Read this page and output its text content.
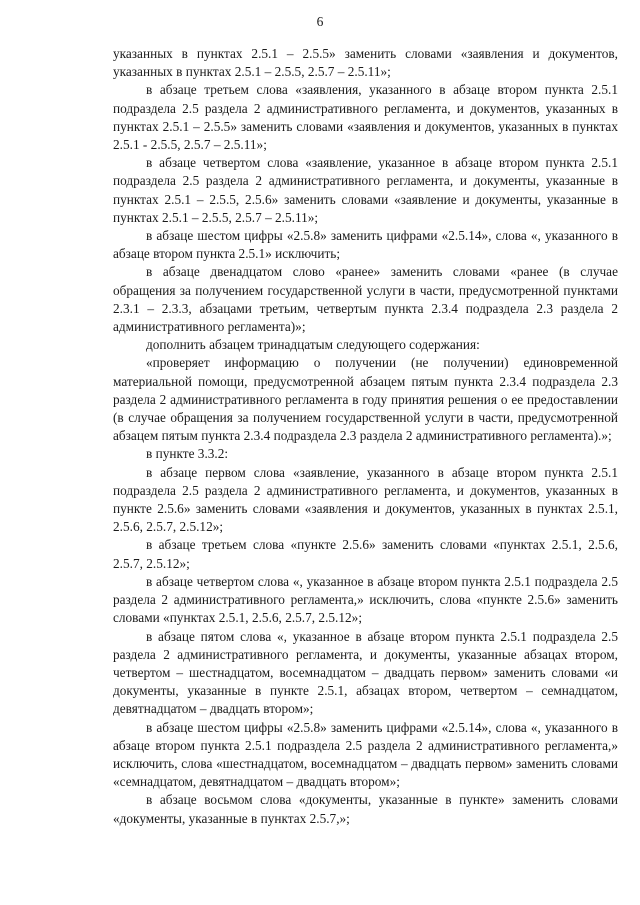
6

указанных в пунктах 2.5.1 – 2.5.5» заменить словами «заявления и документов, указанных в пунктах 2.5.1 – 2.5.5, 2.5.7 – 2.5.11»;

в абзаце третьем слова «заявления, указанного в абзаце втором пункта 2.5.1 подраздела 2.5 раздела 2 административного регламента, и документов, указанных в пунктах 2.5.1 – 2.5.5» заменить словами «заявления и документов, указанных в пунктах 2.5.1 - 2.5.5, 2.5.7 – 2.5.11»;

в абзаце четвертом слова «заявление, указанное в абзаце втором пункта 2.5.1 подраздела 2.5 раздела 2 административного регламента, и документы, указанные в пунктах 2.5.1 – 2.5.5, 2.5.6» заменить словами «заявление и документы, указанные в пунктах 2.5.1 – 2.5.5, 2.5.7 – 2.5.11»;

в абзаце шестом цифры «2.5.8» заменить цифрами «2.5.14», слова «, указанного в абзаце втором пункта 2.5.1» исключить;

в абзаце двенадцатом слово «ранее» заменить словами «ранее (в случае обращения за получением государственной услуги в части, предусмотренной пунктами 2.3.1 – 2.3.3, абзацами третьим, четвертым пункта 2.3.4 подраздела 2.3 раздела 2 административного регламента)»;

дополнить абзацем тринадцатым следующего содержания:

«проверяет информацию о получении (не получении) единовременной материальной помощи, предусмотренной абзацем пятым пункта 2.3.4 подраздела 2.3 раздела 2 административного регламента в году принятия решения о ее предоставлении (в случае обращения за получением государственной услуги в части, предусмотренной абзацем пятым пункта 2.3.4 подраздела 2.3 раздела 2 административного регламента).»;

в пункте 3.3.2:

в абзаце первом слова «заявление, указанного в абзаце втором пункта 2.5.1 подраздела 2.5 раздела 2 административного регламента, и документов, указанных в пункте 2.5.6» заменить словами «заявления и документов, указанных в пунктах 2.5.1, 2.5.6, 2.5.7, 2.5.12»;

в абзаце третьем слова «пункте 2.5.6» заменить словами «пунктах 2.5.1, 2.5.6, 2.5.7, 2.5.12»;

в абзаце четвертом слова «, указанное в абзаце втором пункта 2.5.1 подраздела 2.5 раздела 2 административного регламента,» исключить, слова «пункте 2.5.6» заменить словами «пунктах 2.5.1, 2.5.6, 2.5.7, 2.5.12»;

в абзаце пятом слова «, указанное в абзаце втором пункта 2.5.1 подраздела 2.5 раздела 2 административного регламента, и документы, указанные абзацах втором, четвертом – шестнадцатом, восемнадцатом – двадцать первом» заменить словами «и документы, указанные в пункте 2.5.1, абзацах втором, четвертом – семнадцатом, девятнадцатом – двадцать втором»;

в абзаце шестом цифры «2.5.8» заменить цифрами «2.5.14», слова «, указанного в абзаце втором пункта 2.5.1 подраздела 2.5 раздела 2 административного регламента,» исключить, слова «шестнадцатом, восемнадцатом – двадцать первом» заменить словами «семнадцатом, девятнадцатом – двадцать втором»;

в абзаце восьмом слова «документы, указанные в пункте» заменить словами «документы, указанные в пунктах 2.5.7,»;
